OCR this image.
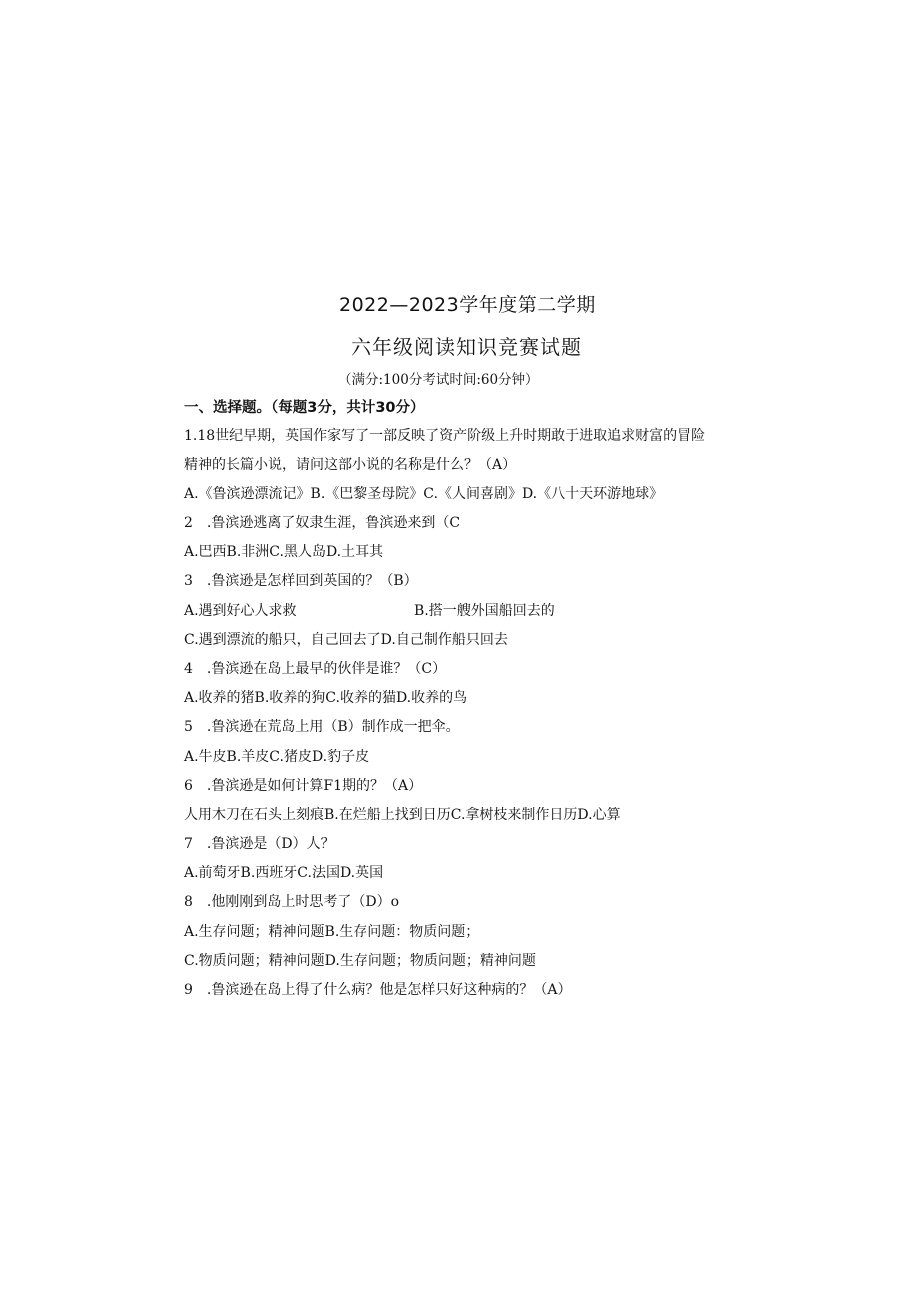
2022—2023学年度第二学期
六年级阅读知识竞赛试题
（满分:100分考试时间:60分钟）
一、选择题。（每题3分，共计30分）
1.18世纪早期，英国作家写了一部反映了资产阶级上升时期敢于进取追求财富的冒险
精神的长篇小说，请问这部小说的名称是什么？（A）
A.《鲁滨逊漂流记》B.《巴黎圣母院》C.《人间喜剧》D.《八十天环游地球》
2　.鲁滨逊逃离了奴隶生涯，鲁滨逊来到（C
A.巴西B.非洲C.黑人岛D.土耳其
3　.鲁滨逊是怎样回到英国的？（B）
A.遇到好心人求救	B.搭一艘外国船回去的
C.遇到漂流的船只，自己回去了D.自己制作船只回去
4　.鲁滨逊在岛上最早的伙伴是谁？（C）
A.收养的猪B.收养的狗C.收养的猫D.收养的鸟
5　.鲁滨逊在荒岛上用（B）制作成一把伞。
A.牛皮B.羊皮C.猪皮D.豹子皮
6　.鲁滨逊是如何计算F1期的？（A）
人用木刀在石头上刻痕B.在烂船上找到日历C.拿树枝来制作日历D.心算
7　.鲁滨逊是（D）人？
A.前萄牙B.西班牙C.法国D.英国
8　.他刚刚到岛上时思考了（D）o
A.生存问题；精神问题B.生存问题：物质问题；
C.物质问题；精神问题D.生存问题；物质问题；精神问题
9　.鲁滨逊在岛上得了什么病？他是怎样只好这种病的？（A）
